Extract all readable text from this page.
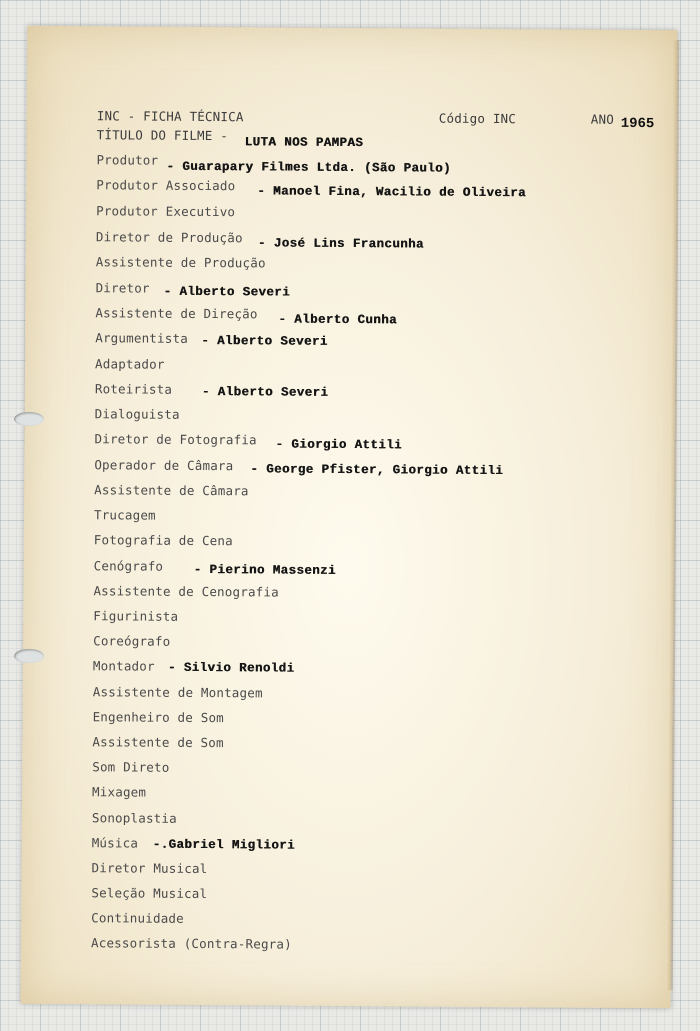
INC - FICHA TÉCNICA	Código INC	ANO 1965
TÍTULO DO FILME - LUTA NOS PAMPAS
Produtor - Guarapary Filmes Ltda. (São Paulo)
Produtor Associado - Manoel Fina, Wacilio de Oliveira
Produtor Executivo
Diretor de Produção - José Lins Francunha
Assistente de Produção
Diretor - Alberto Severi
Assistente de Direção - Alberto Cunha
Argumentista - Alberto Severi
Adaptador
Roteirista - Alberto Severi
Dialoguista
Diretor de Fotografia - Giorgio Attili
Operador de Câmara - George Pfister, Giorgio Attili
Assistente de Câmara
Trucagem
Fotografia de Cena
Cenógrafo - Pierino Massenzi
Assistente de Cenografia
Figurinista
Coreógrafo
Montador - Silvio Renoldi
Assistente de Montagem
Engenheiro de Som
Assistente de Som
Som Direto
Mixagem
Sonoplastia
Música -.Gabriel Migliori
Diretor Musical
Seleção Musical
Continuidade
Acessorista (Contra-Regra)
